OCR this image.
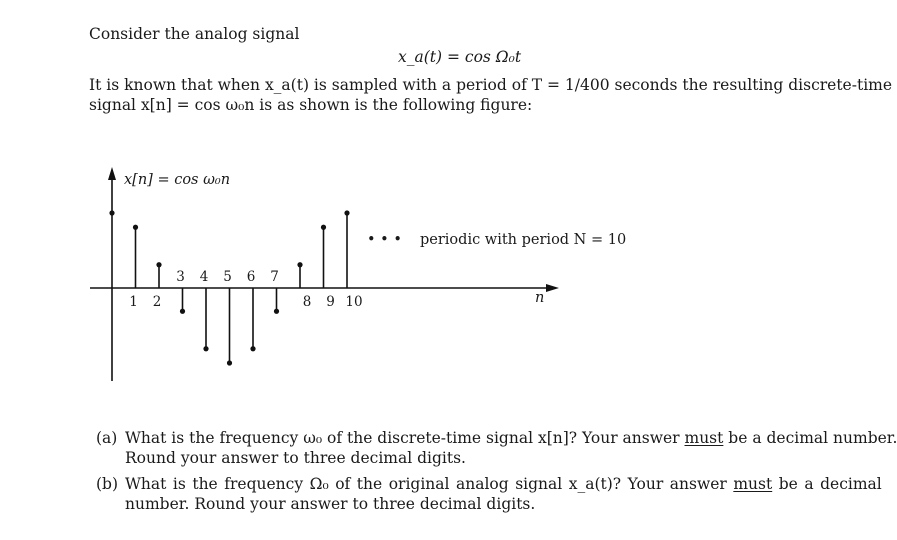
Consider the analog signal
x_a(t) = cos Ω₀t
It is known that when x_a(t) is sampled with a period of T = 1/400 seconds the resulting discrete-time
signal x[n] = cos ω₀n is as shown is the following figure:
1 2
3 4 5 6 7
8 9 10
x[n] = cos ω₀n
n
• • • periodic with period N = 10
(a) What is the frequency ω₀ of the discrete-time signal x[n]? Your answer must be a decimal number.
Round your answer to three decimal digits.
(b) What is the frequency Ω₀ of the original analog signal x_a(t)? Your answer must be a decimal
number. Round your answer to three decimal digits.
